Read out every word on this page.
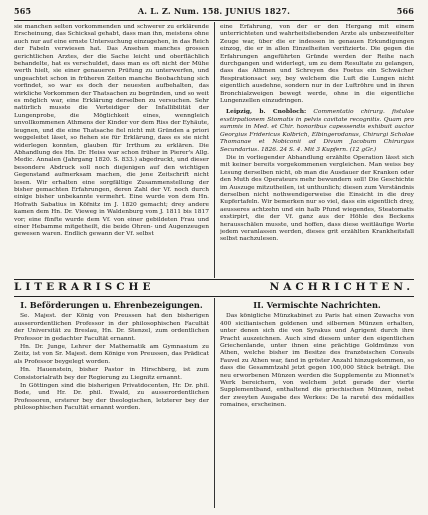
565	A. L. Z. Num. 158. JUNIUS 1827.	566

sie manchen selten vorkommenden und schwerer zu erklärende Erscheinung, das Schicksal gehabt, dass man ihn, meistens ohne auch nur auf eine ernste Untersuchung einzugehen, in das Reich der Fabeln verwiesen hat. Das Ansehen manches grossen gerichtlichen Arztes, der die Sache leicht und oberflächlich behandelte, hat es verschuldet, dass man es oft nicht der Mühe werth hielt, sie einer genaueren Prüfung zu unterwerfen, und ungeachtet schon in früheren Zeiten manche Beobachtung sich vorfindet, so war es doch der neuesten aufbehalten, das wirkliche Vorkommen der Thatsachen zu begründen, und so weit es möglich war, eine Erklärung derselben zu versuchen. Sehr natürlich musste die Verteidiger der Infallibilität der Lungenprobe, die Möglichkeit eines, wenngleich unvollkommenen Athmens der Kinder vor dem Riss der Eyhäute, leugnen, und die eine Thatsache fiel nicht mit Gründen a priori weggeleitet läset, so fiehen sie für Erklärung, dass es sie nicht widerlegen konnten, glauben für Irrthum zu erklären. Die Abhandlung des Hn. Dr. Heiss war schon früher in Pierer's Allg. Medic. Annalen (Jahrgang 1820. S. 833.) abgedruckt, und dieser besondere Abdruck soll noch diejenigen auf den wichtigen Gegenstand aufmerksam machen, die jene Zeitschrift nicht lesen. Wir erhalten eine sorgfältige Zusammenstellung der bisher gemachten Erfahrungen, deren Zahl der Vf. noch durch einige bisher unbekannte vermehrt. Eine wurde von dem Hn. Hofrath Sabatius in Köfnitz im J. 1820 gemacht; drey andere kamen dem Hn. Dr. Vieweg in Waldenburg vom J. 1811 bis 1817 vor; eine fünfte wurde dem Vf. von einer gebildeten Frau und einer Hebamme mitgetheilt, die beide Ohren- und Augenzeugen gewesen waren. Endlich gewann der Vf. selbst

eine Erfahrung, von der er den Hergang mit einem unterrichteten und wahrheitsliebenden Arzte als unbezweifelter Zeuge war, über die er indessen in genauen Erkundigungen einzog, die er in allen Einzelheiten verifizierte. Die gegen die Erfahrungen angeführten Gründe werden der Reihe nach durchgangen und widerlegt, um zu dem Resultate zu gelangen, dass das Athmen und Schreyen des Foetus ein Schwächer Respirationsact sey, bey welchem die Luft die Lungen nicht eigentlich ausdehne, sondern nur in der Luftröhre und in ihren Bronchialzweigen bewegt werde, ohne in die eigentliche Lungenzellen einzudringen.

Leipzig, b. Cnobloch: Commentatio chirurg. fistulae exstirpationem Stomatis in pelvis cavitate recognitis. Quam pro summis in Med. et Chir. honoribus capessendis exhibuit auctor Georgius Fridericus Kolbrich, Elbingerodanus, Chirurgi Scholae Thomanae et Nobiconii ad Divum Jacobum Chirurgus Secundarius. 1826. 24 S. 4. Mit 3 Kupfern. (12 gGr.)

Die in vorliegender Abhandlung erzählte Operation lässt sich mit keiner bereits vorgekommenen vergleichen. Man weiss bey Lesung derselben nicht, ob man die Ausdauer der Kranken oder den Muth des Operateurs mehr bewundern soll! Die Geschichte im Auszuge mitzutheilen, ist unthunlich; diesen zum Verständnis derselben nicht nothwendigerweise die Einsicht in die drey Kupfertafeln. Wir bemerken nur so viel, dass ein eigentlich drey, aeusseres achtzehn und ein halb Pfund wiegendes, Steatomatis exstirpirt, die der Vf. ganz aus der Höhle des Beckens herausschälen musste, und hoffen, dass diese weitläufige Worte jedem veranlassen werden, dieses grit erzählten Krankheitsfall selbst nachzulesen.

LITERARISCHE	NACHRICHTEN.
I. Beförderungen u. Ehrenbezeigungen.

Se. Majest. der König von Preussen hat den bisherigen ausserordentlichen Professor in der philosophischen Facultät der Universität zu Breslau, Hn. Dr. Stenzel, zum ordentlichen Professor in gedachter Facultät ernannt.

Hn. Dr. Junge, Lehrer der Mathematik am Gymnasium zu Zeitz, ist von Sr. Majest. dem Könige von Preussen, das Prädicat als Professor beygelegt worden.

Hn. Hauenstein, bisher Pastor in Hirschberg, ist zum Consistorialrath bey der Regierung zu Liegnitz ernannt.

In Göttingen sind die bisherigen Privatdocenten, Hr. Dr. phil. Bode, und Hr. Dr. phil. Ewald, zu ausserordentlichen Professoren, ersterer bey der theologischen, letzterer bey der philosophischen Facultät ernannt worden.

II. Vermischte Nachrichten.

Das königliche Münzkabinet zu Paris hat einen Zuwachs von 400 sicilianischen goldenen und silbernen Münzen erhalten, unter denen sich die von Syrakus und Agrigent durch ihre Pracht auszeichnen. Auch sind diesem unter den eigentlichen Griechenlande, unter ihnen eine prächtige Goldmünze von Athen, welche bisher im Besitze des französischen Consuls Fauvel zu Athen war, fand in gröster Anzahl hinzugekommen, so dass die Gesammtzahl jetzt gegen 100,000 Stück beträgt. Die neu erworbenen Münzen werden die Supplemente zu Mionnet's Werk bereichern, von welchem jetzt gerade der vierte Supplementband, enthaltend die griechischen Münzen, nebst der zweyten Ausgabe des Werkes: De la rareté des médailles romaines, erscheinen.
